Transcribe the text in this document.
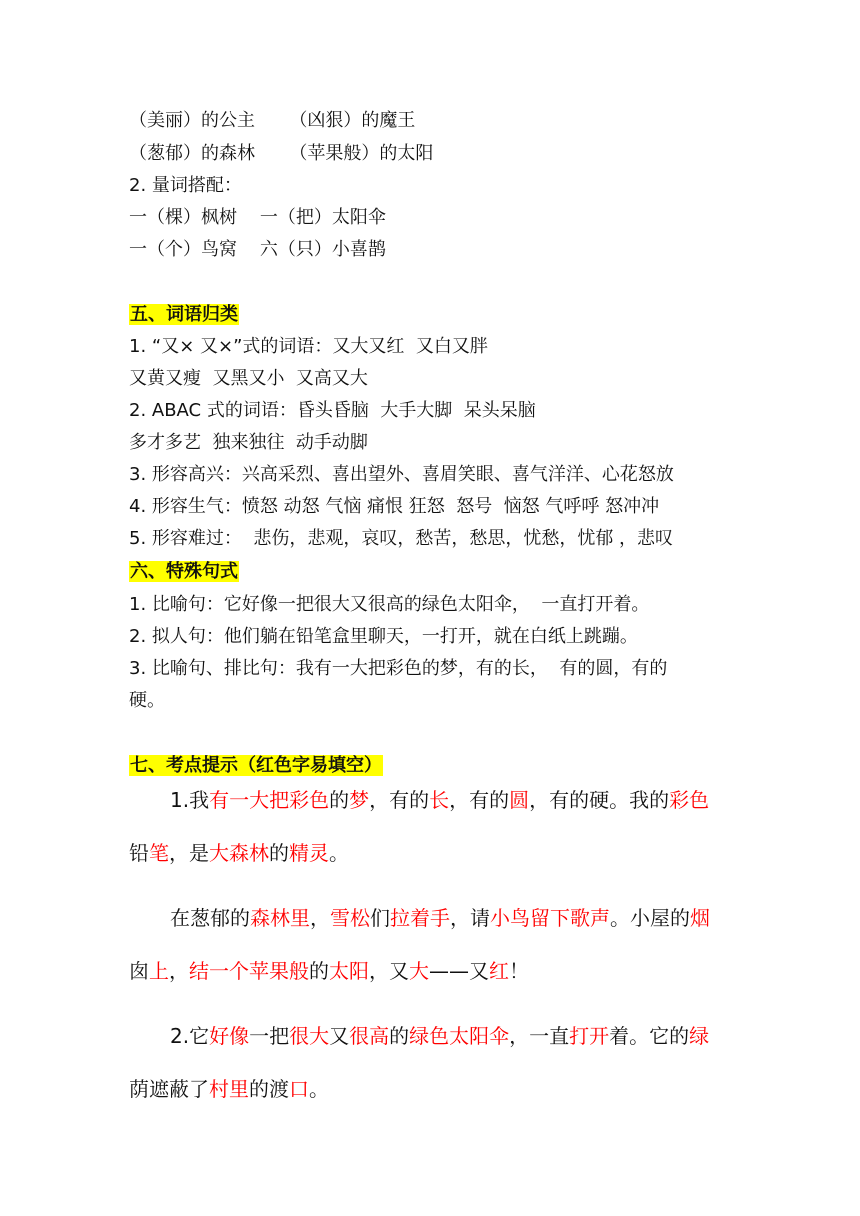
（美丽）的公主      （凶狠）的魔王
（葱郁）的森林      （苹果般）的太阳
2. 量词搭配：
一（棵）枫树    一（把）太阳伞
一（个）鸟窝    六（只）小喜鹊
五、词语归类
1. “又× 又×”式的词语：又大又红  又白又胖
又黄又瘦  又黑又小  又高又大
2. ABAC 式的词语：昏头昏脑  大手大脚  呆头呆脑
多才多艺  独来独往  动手动脚
3. 形容高兴：兴高采烈、喜出望外、喜眉笑眼、喜气洋洋、心花怒放
4. 形容生气：愤怒 动怒 气恼 痛恨 狂怒  怒号  恼怒 气呼呼 怒冲冲
5. 形容难过：  悲伤，悲观，哀叹，愁苦，愁思，忧愁，忧郁 ，悲叹
六、特殊句式
1. 比喻句：它好像一把很大又很高的绿色太阳伞，  一直打开着。
2. 拟人句：他们躺在铅笔盒里聊天，一打开，就在白纸上跳蹦。
3. 比喻句、排比句：我有一大把彩色的梦，有的长，  有的圆，有的
硬。
七、考点提示（红色字易填空）
1.我有一大把彩色的梦，有的长，有的圆，有的硬。我的彩色
铅笔，是大森林的精灵。
在葱郁的森林里，雪松们拉着手，请小鸟留下歌声。小屋的烟
囱上，结一个苹果般的太阳，又大——又红！
2.它好像一把很大又很高的绿色太阳伞，一直打开着。它的绿
荫遮蔽了村里的渡口。
